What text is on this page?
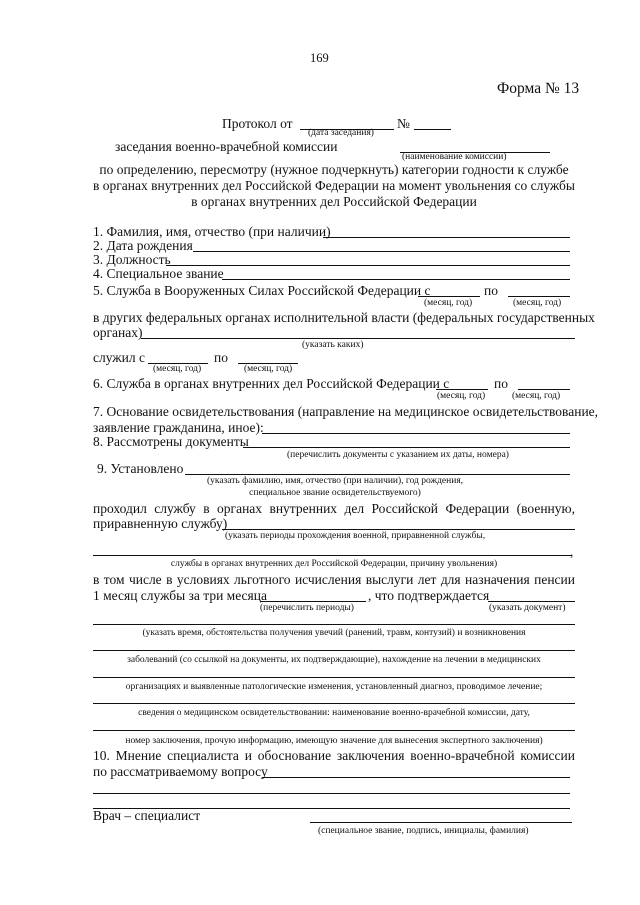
169
Форма № 13
Протокол от	№
(дата заседания)
заседания военно-врачебной комиссии
(наименование комиссии)
по определению, пересмотру (нужное подчеркнуть) категории годности к службе
в органах внутренних дел Российской Федерации на момент увольнения со службы
в органах внутренних дел Российской Федерации
1. Фамилия, имя, отчество (при наличии)
2. Дата рождения
3. Должность
4. Специальное звание
5. Служба в Вооруженных Силах Российской Федерации с	по
(месяц, год)	(месяц, год)
в других федеральных органах исполнительной власти (федеральных государственных
органах)
(указать каких)
служил с	по
(месяц, год)	(месяц, год)
6. Служба в органах внутренних дел Российской Федерации с	по
(месяц, год)	(месяц, год)
7. Основание освидетельствования (направление на медицинское освидетельствование,
заявление гражданина, иное):
8. Рассмотрены документы
(перечислить документы с указанием их даты, номера)
9. Установлено
(указать фамилию, имя, отчество (при наличии), год рождения,
специальное звание освидетельствуемого)
проходил службу в органах внутренних дел Российской Федерации (военную,
приравненную службу)
(указать периоды прохождения военной, приравненной службы,
,
службы в органах внутренних дел Российской Федерации, причину увольнения)
в том числе в условиях льготного исчисления выслуги лет для назначения пенсии
1 месяц службы за три месяца	, что подтверждается
(перечислить периоды)	(указать документ)
(указать время, обстоятельства получения увечий (ранений, травм, контузий) и возникновения
заболеваний (со ссылкой на документы, их подтверждающие), нахождение на лечении в медицинских
организациях и выявленные патологические изменения, установленный диагноз, проводимое лечение;
сведения о медицинском освидетельствовании: наименование военно-врачебной комиссии, дату,
номер заключения, прочую информацию, имеющую значение для вынесения экспертного заключения)
10. Мнение специалиста и обоснование заключения военно-врачебной комиссии
по рассматриваемому вопросу
Врач – специалист
(специальное звание, подпись, инициалы, фамилия)
